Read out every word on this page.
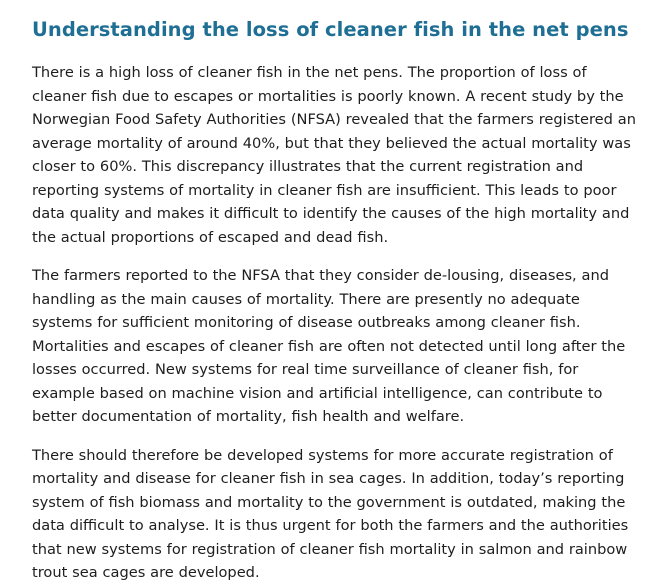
Understanding the loss of cleaner fish in the net pens

There is a high loss of cleaner fish in the net pens. The proportion of loss of cleaner fish due to escapes or mortalities is poorly known. A recent study by the Norwegian Food Safety Authorities (NFSA) revealed that the farmers registered an average mortality of around 40%, but that they believed the actual mortality was closer to 60%. This discrepancy illustrates that the current registration and reporting systems of mortality in cleaner fish are insufficient. This leads to poor data quality and makes it difficult to identify the causes of the high mortality and the actual proportions of escaped and dead fish.

The farmers reported to the NFSA that they consider de-lousing, diseases, and handling as the main causes of mortality. There are presently no adequate systems for sufficient monitoring of disease outbreaks among cleaner fish. Mortalities and escapes of cleaner fish are often not detected until long after the losses occurred. New systems for real time surveillance of cleaner fish, for example based on machine vision and artificial intelligence, can contribute to better documentation of mortality, fish health and welfare.

There should therefore be developed systems for more accurate registration of mortality and disease for cleaner fish in sea cages. In addition, today’s reporting system of fish biomass and mortality to the government is outdated, making the data difficult to analyse. It is thus urgent for both the farmers and the authorities that new systems for registration of cleaner fish mortality in salmon and rainbow trout sea cages are developed.
